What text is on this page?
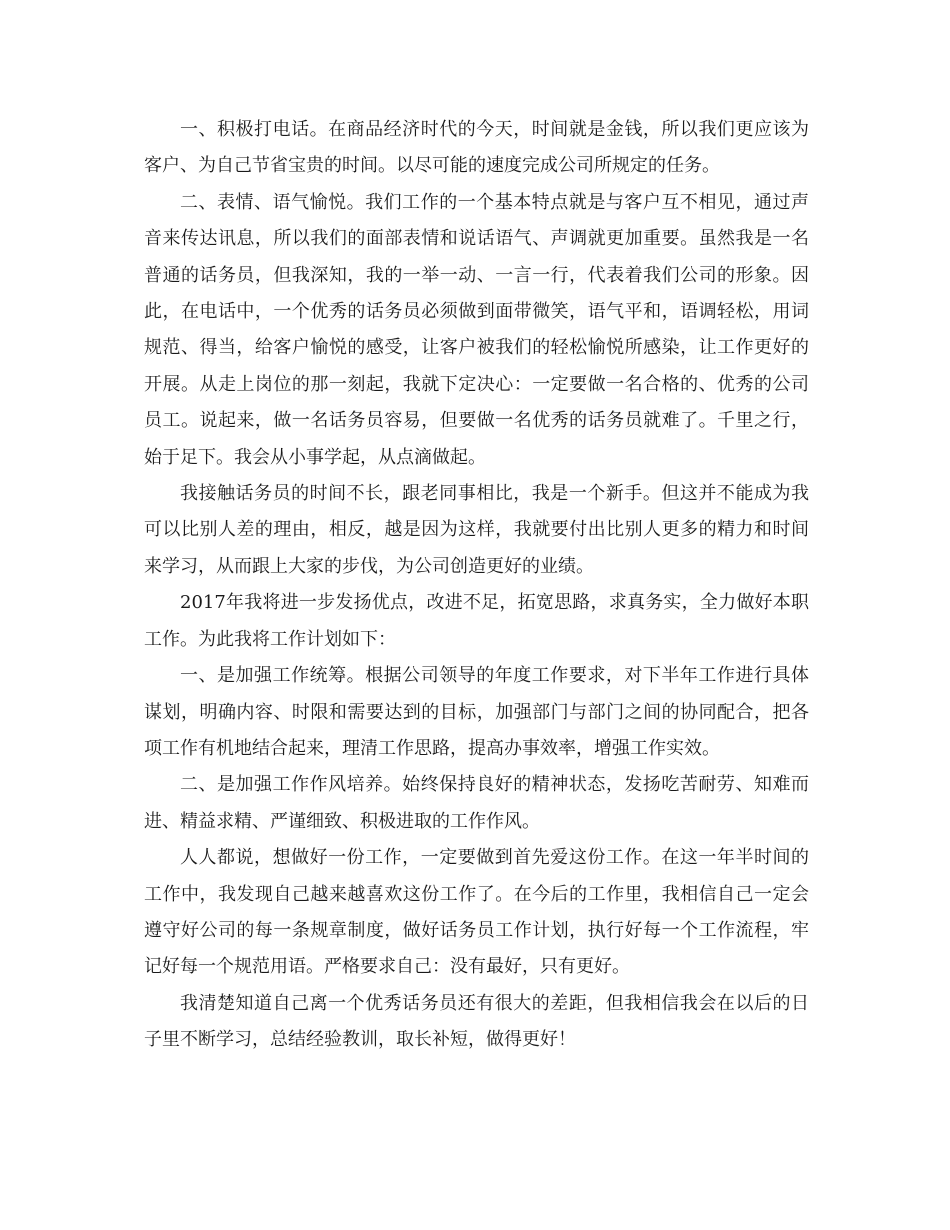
一、积极打电话。在商品经济时代的今天，时间就是金钱，所以我们更应该为客户、为自己节省宝贵的时间。以尽可能的速度完成公司所规定的任务。

二、表情、语气愉悦。我们工作的一个基本特点就是与客户互不相见，通过声音来传达讯息，所以我们的面部表情和说话语气、声调就更加重要。虽然我是一名普通的话务员，但我深知，我的一举一动、一言一行，代表着我们公司的形象。因此，在电话中，一个优秀的话务员必须做到面带微笑，语气平和，语调轻松，用词规范、得当，给客户愉悦的感受，让客户被我们的轻松愉悦所感染，让工作更好的开展。从走上岗位的那一刻起，我就下定决心：一定要做一名合格的、优秀的公司员工。说起来，做一名话务员容易，但要做一名优秀的话务员就难了。千里之行，始于足下。我会从小事学起，从点滴做起。

我接触话务员的时间不长，跟老同事相比，我是一个新手。但这并不能成为我可以比别人差的理由，相反，越是因为这样，我就要付出比别人更多的精力和时间来学习，从而跟上大家的步伐，为公司创造更好的业绩。

2017年我将进一步发扬优点，改进不足，拓宽思路，求真务实，全力做好本职工作。为此我将工作计划如下：

一、是加强工作统筹。根据公司领导的年度工作要求，对下半年工作进行具体谋划，明确内容、时限和需要达到的目标，加强部门与部门之间的协同配合，把各项工作有机地结合起来，理清工作思路，提高办事效率，增强工作实效。

二、是加强工作作风培养。始终保持良好的精神状态，发扬吃苦耐劳、知难而进、精益求精、严谨细致、积极进取的工作作风。

人人都说，想做好一份工作，一定要做到首先爱这份工作。在这一年半时间的工作中，我发现自己越来越喜欢这份工作了。在今后的工作里，我相信自己一定会遵守好公司的每一条规章制度，做好话务员工作计划，执行好每一个工作流程，牢记好每一个规范用语。严格要求自己：没有最好，只有更好。

我清楚知道自己离一个优秀话务员还有很大的差距，但我相信我会在以后的日子里不断学习，总结经验教训，取长补短，做得更好！
